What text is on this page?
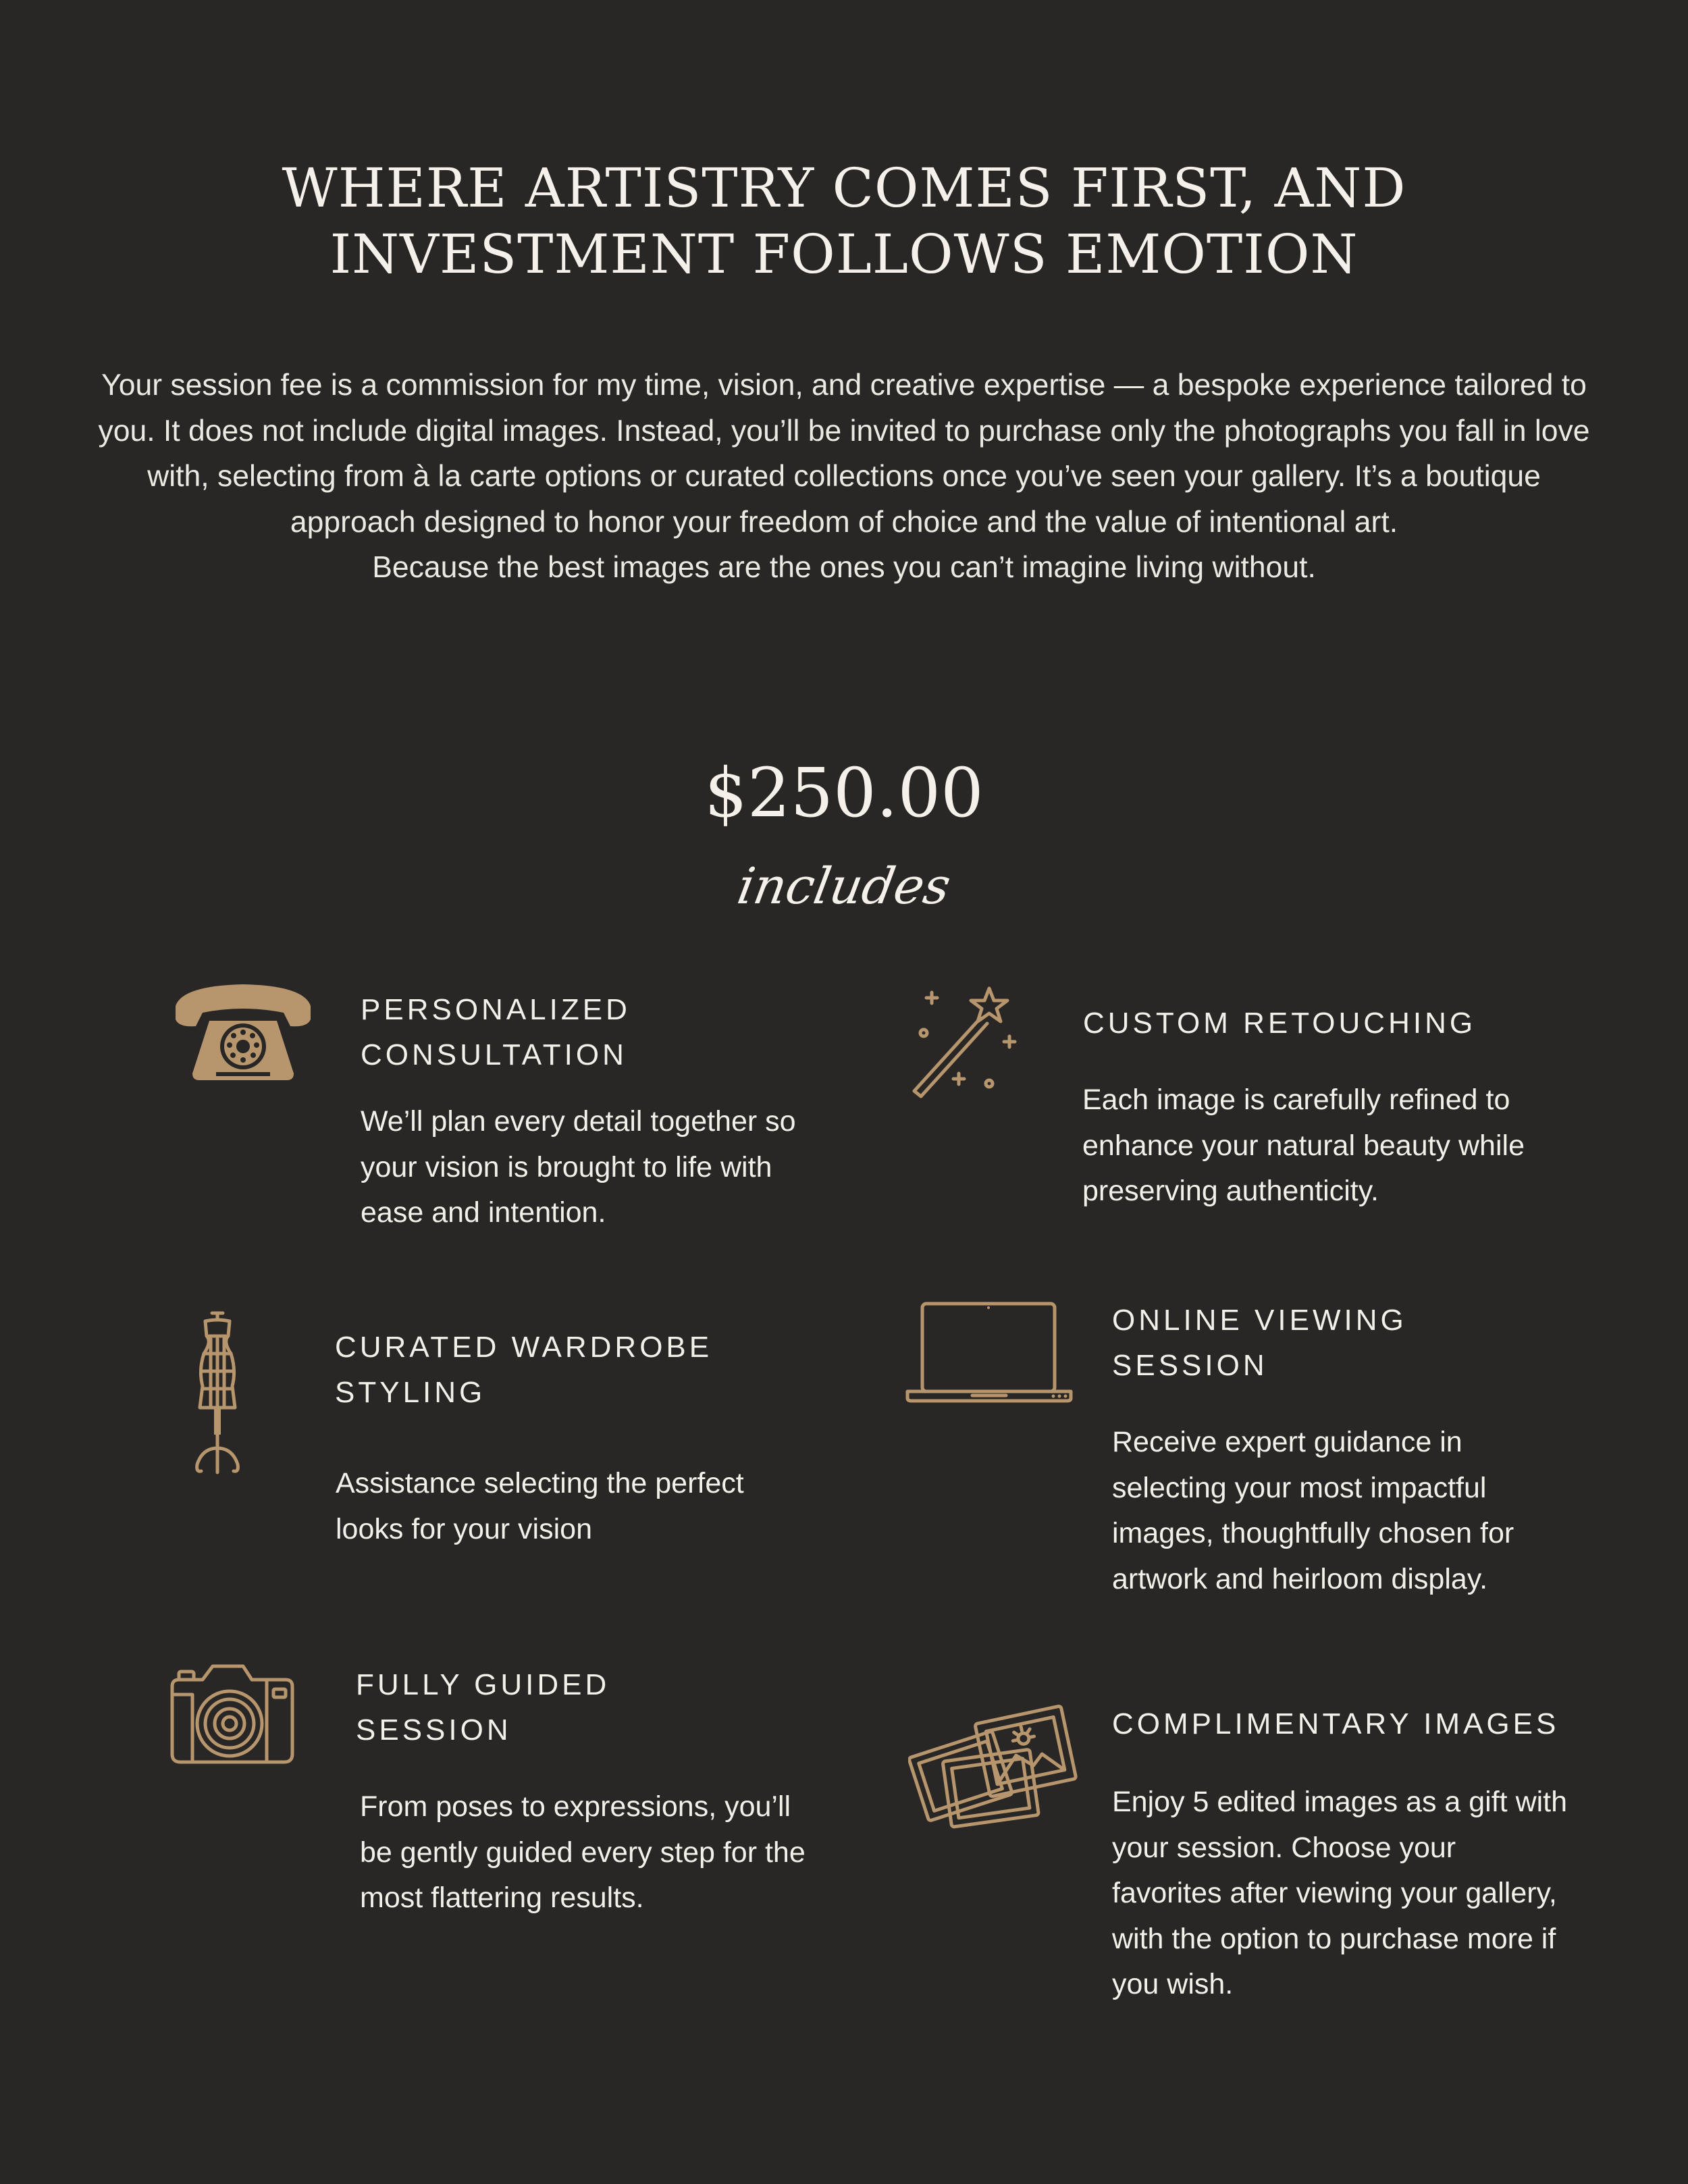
WHERE ARTISTRY COMES FIRST, AND
INVESTMENT FOLLOWS EMOTION

Your session fee is a commission for my time, vision, and creative expertise — a bespoke experience tailored to you. It does not include digital images. Instead, you’ll be invited to purchase only the photographs you fall in love with, selecting from à la carte options or curated collections once you’ve seen your gallery. It’s a boutique approach designed to honor your freedom of choice and the value of intentional art.
Because the best images are the ones you can’t imagine living without.

$250.00
includes
PERSONALIZED CONSULTATION

We’ll plan every detail together so your vision is brought to life with ease and intention.

CUSTOM RETOUCHING

Each image is carefully refined to enhance your natural beauty while preserving authenticity.

CURATED WARDROBE STYLING

Assistance selecting the perfect looks for your vision

ONLINE VIEWING SESSION

Receive expert guidance in selecting your most impactful images, thoughtfully chosen for artwork and heirloom display.

FULLY GUIDED SESSION

From poses to expressions, you’ll be gently guided every step for the most flattering results.

COMPLIMENTARY IMAGES

Enjoy 5 edited images as a gift with your session. Choose your favorites after viewing your gallery, with the option to purchase more if you wish.
